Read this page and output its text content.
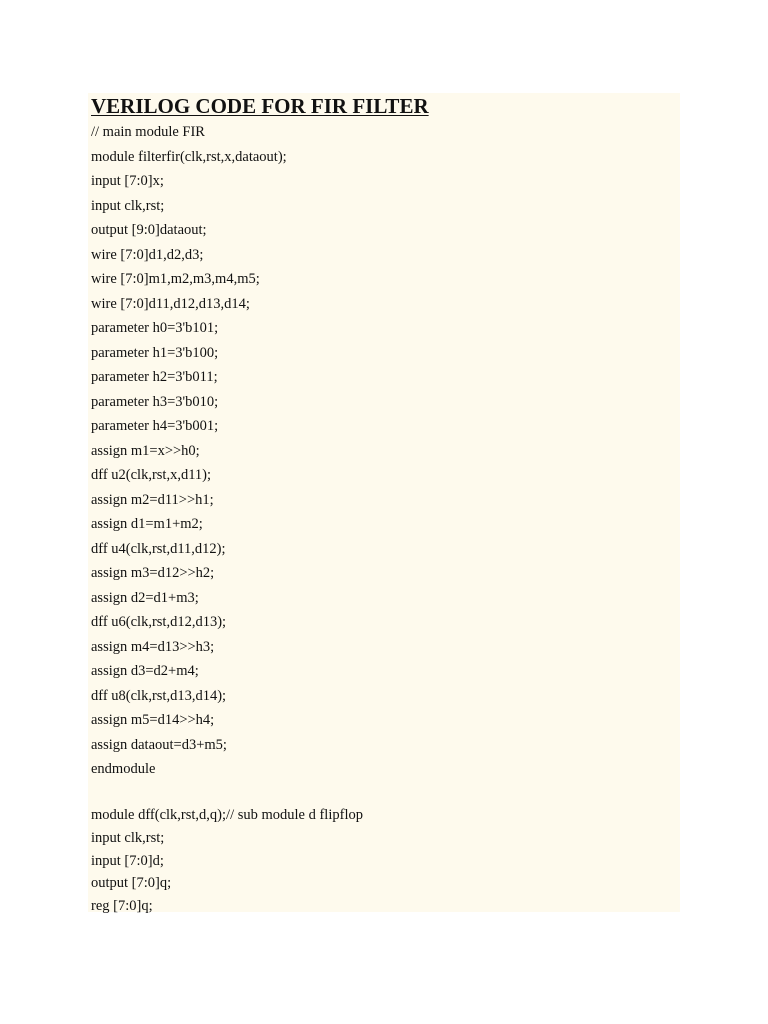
VERILOG CODE FOR FIR FILTER
// main module FIR
module filterfir(clk,rst,x,dataout);
input [7:0]x;
input clk,rst;
output [9:0]dataout;
wire [7:0]d1,d2,d3;
wire [7:0]m1,m2,m3,m4,m5;
wire [7:0]d11,d12,d13,d14;
parameter h0=3'b101;
parameter h1=3'b100;
parameter h2=3'b011;
parameter h3=3'b010;
parameter h4=3'b001;
assign m1=x>>h0;
dff u2(clk,rst,x,d11);
assign m2=d11>>h1;
assign d1=m1+m2;
dff u4(clk,rst,d11,d12);
assign m3=d12>>h2;
assign d2=d1+m3;
dff u6(clk,rst,d12,d13);
assign m4=d13>>h3;
assign d3=d2+m4;
dff u8(clk,rst,d13,d14);
assign m5=d14>>h4;
assign dataout=d3+m5;
endmodule
module dff(clk,rst,d,q);// sub module d flipflop
input clk,rst;
input [7:0]d;
output [7:0]q;
reg [7:0]q;
